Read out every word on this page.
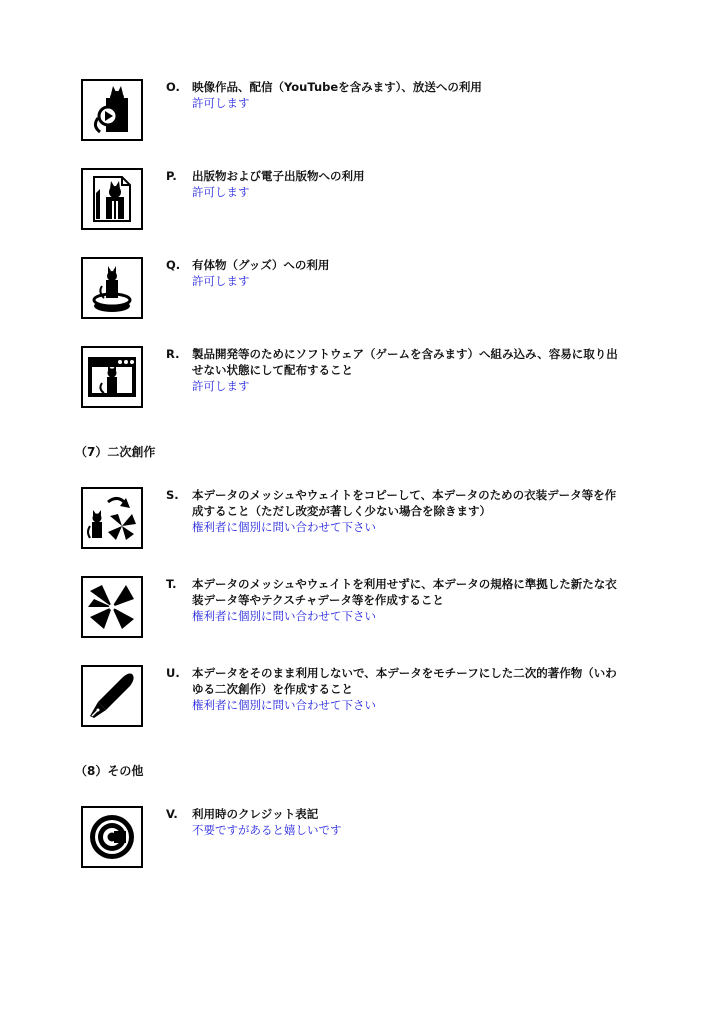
O. 映像作品、配信（YouTubeを含みます）、放送への利用
許可します
P. 出版物および電子出版物への利用
許可します
Q. 有体物（グッズ）への利用
許可します
R. 製品開発等のためにソフトウェア（ゲームを含みます）へ組み込み、容易に取り出
せない状態にして配布すること
許可します
（7）二次創作
S. 本データのメッシュやウェイトをコピーして、本データのための衣装データ等を作
成すること（ただし改変が著しく少ない場合を除きます）
権利者に個別に問い合わせて下さい
T. 本データのメッシュやウェイトを利用せずに、本データの規格に準拠した新たな衣
装データ等やテクスチャデータ等を作成すること
権利者に個別に問い合わせて下さい
U. 本データをそのまま利用しないで、本データをモチーフにした二次的著作物（いわ
ゆる二次創作）を作成すること
権利者に個別に問い合わせて下さい
（8）その他
V. 利用時のクレジット表記
不要ですがあると嬉しいです
